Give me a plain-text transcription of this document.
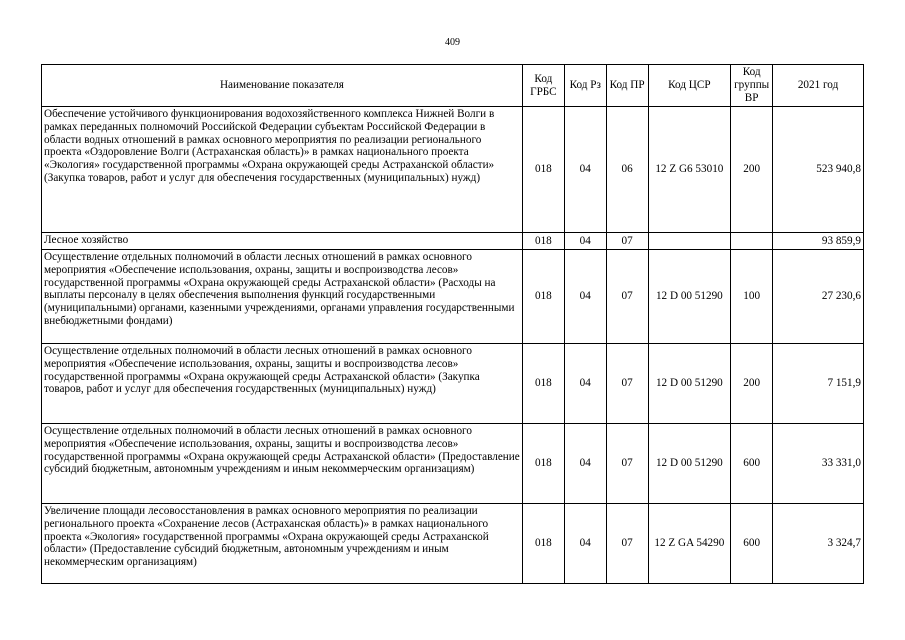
409
Наименование показателя	Код ГРБС	Код Рз	Код ПР	Код ЦСР	Код группы ВР	2021 год
Обеспечение устойчивого функционирования водохозяйственного комплекса Нижней Волги в рамках переданных полномочий Российской Федерации субъектам Российской Федерации в области водных отношений в рамках основного мероприятия по реализации регионального проекта «Оздоровление Волги (Астраханская область)» в рамках национального проекта «Экология» государственной программы «Охрана окружающей среды Астраханской области» (Закупка товаров, работ и услуг для обеспечения государственных (муниципальных) нужд)	018	04	06	12 Z G6 53010	200	523 940,8
Лесное хозяйство	018	04	07			93 859,9
Осуществление отдельных полномочий в области лесных отношений в рамках основного мероприятия «Обеспечение использования, охраны, защиты и воспроизводства лесов» государственной программы «Охрана окружающей среды Астраханской области» (Расходы на выплаты персоналу в целях обеспечения выполнения функций государственными (муниципальными) органами, казенными учреждениями, органами управления государственными внебюджетными фондами)	018	04	07	12 D 00 51290	100	27 230,6
Осуществление отдельных полномочий в области лесных отношений в рамках основного мероприятия «Обеспечение использования, охраны, защиты и воспроизводства лесов» государственной программы «Охрана окружающей среды Астраханской области» (Закупка товаров, работ и услуг для обеспечения государственных (муниципальных) нужд)	018	04	07	12 D 00 51290	200	7 151,9
Осуществление отдельных полномочий в области лесных отношений в рамках основного мероприятия «Обеспечение использования, охраны, защиты и воспроизводства лесов» государственной программы «Охрана окружающей среды Астраханской области» (Предоставление субсидий бюджетным, автономным учреждениям и иным некоммерческим организациям)	018	04	07	12 D 00 51290	600	33 331,0
Увеличение площади лесовосстановления в рамках основного мероприятия по реализации регионального проекта «Сохранение лесов (Астраханская область)» в рамках национального проекта «Экология» государственной программы «Охрана окружающей среды Астраханской области» (Предоставление субсидий бюджетным, автономным учреждениям и иным некоммерческим организациям)	018	04	07	12 Z GA 54290	600	3 324,7
